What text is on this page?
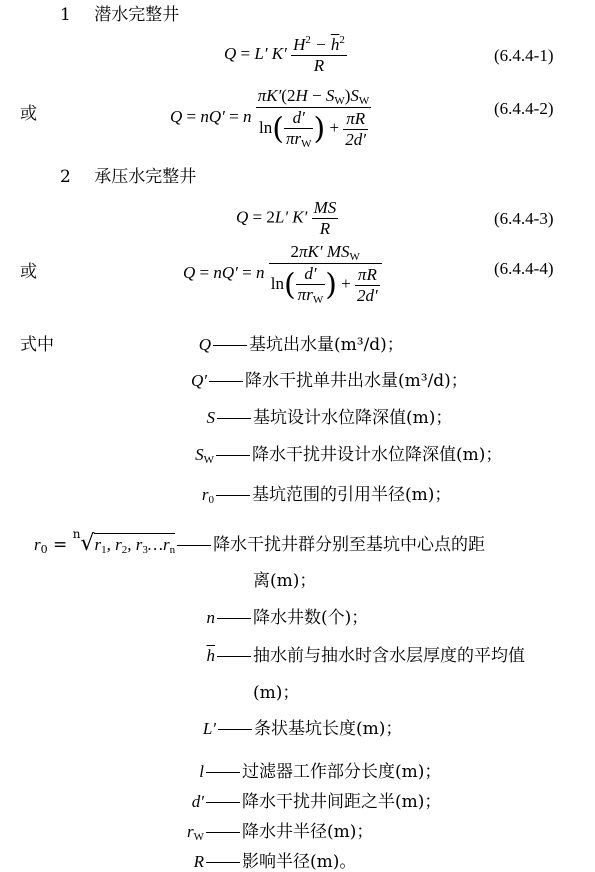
1 潜水完整井
Q = L′ $K' \frac{H^2 - \overline{h}^2}{R}$	(6.4.4-1)
或	Q = nQ′ = n $\frac{\pi K'(2H - S_W)S_W}{\ln( \frac{d'}{\pi r_W} ) + \frac{\pi R}{2d'}}$	(6.4.4-2)
2 承压水完整井
Q = 2L′ $K' \frac{MS}{R}$	(6.4.4-3)
或	Q = nQ′ = n $\frac{2\pi K' MS_W}{\ln( \frac{d'}{\pi r_W} ) + \frac{\pi R}{2d'}}$	(6.4.4-4)
式中	Q 基坑出水量(m³/d)；
Q′ 降水干扰单井出水量(m³/d)；
S 基坑设计水位降深值(m)；
$S_W$ 降水干扰井设计水位降深值(m)；
$r_0$ 基坑范围的引用半径(m)；
$r_0 = ^n√r_1$, $r_2$, $r_3\dots r_n$ 降水干扰井群分别至基坑中心点的距
离(m)；
n 降水井数(个)；
$\overline{h}$ 抽水前与抽水时含水层厚度的平均值
(m)；
L′ 条状基坑长度(m)；
l 过滤器工作部分长度(m)；
d′ 降水干扰井间距之半(m)；
$r_W$ 降水井半径(m)；
R 影响半径(m)。
